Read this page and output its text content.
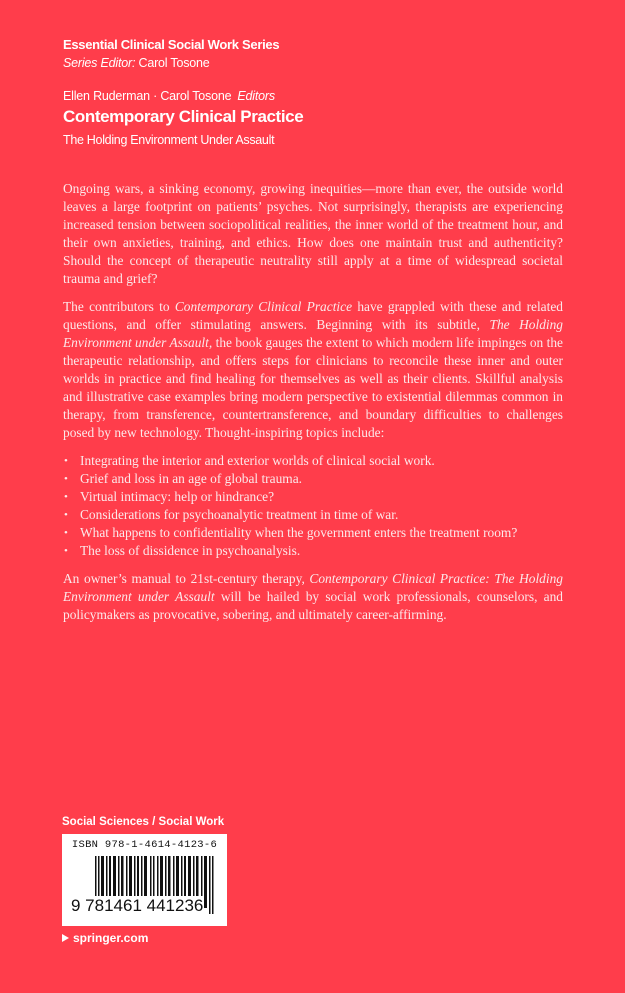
Essential Clinical Social Work Series
Series Editor: Carol Tosone
Ellen Ruderman · Carol Tosone Editors
Contemporary Clinical Practice
The Holding Environment Under Assault

Ongoing wars, a sinking economy, growing inequities—more than ever, the outside world leaves a large footprint on patients’ psyches. Not surprisingly, therapists are experiencing increased tension between sociopolitical realities, the inner world of the treatment hour, and their own anxieties, training, and ethics. How does one maintain trust and authenticity? Should the concept of therapeutic neutrality still apply at a time of widespread societal trauma and grief?

The contributors to Contemporary Clinical Practice have grappled with these and related questions, and offer stimulating answers. Beginning with its subtitle, The Holding Environment under Assault, the book gauges the extent to which modern life impinges on the therapeutic relationship, and offers steps for clinicians to reconcile these inner and outer worlds in practice and find healing for themselves as well as their clients. Skillful analysis and illustrative case examples bring modern perspective to existential dilemmas common in therapy, from transference, countertransference, and boundary difficulties to challenges posed by new technology. Thought-inspiring topics include:

• Integrating the interior and exterior worlds of clinical social work.
• Grief and loss in an age of global trauma.
• Virtual intimacy: help or hindrance?
• Considerations for psychoanalytic treatment in time of war.
• What happens to confidentiality when the government enters the treatment room?
• The loss of dissidence in psychoanalysis.

An owner’s manual to 21st-century therapy, Contemporary Clinical Practice: The Holding Environment under Assault will be hailed by social work professionals, counselors, and policymakers as provocative, sobering, and ultimately career-affirming.

Social Sciences / Social Work
ISBN 978-1-4614-4123-6
9 781461 441236
springer.com
